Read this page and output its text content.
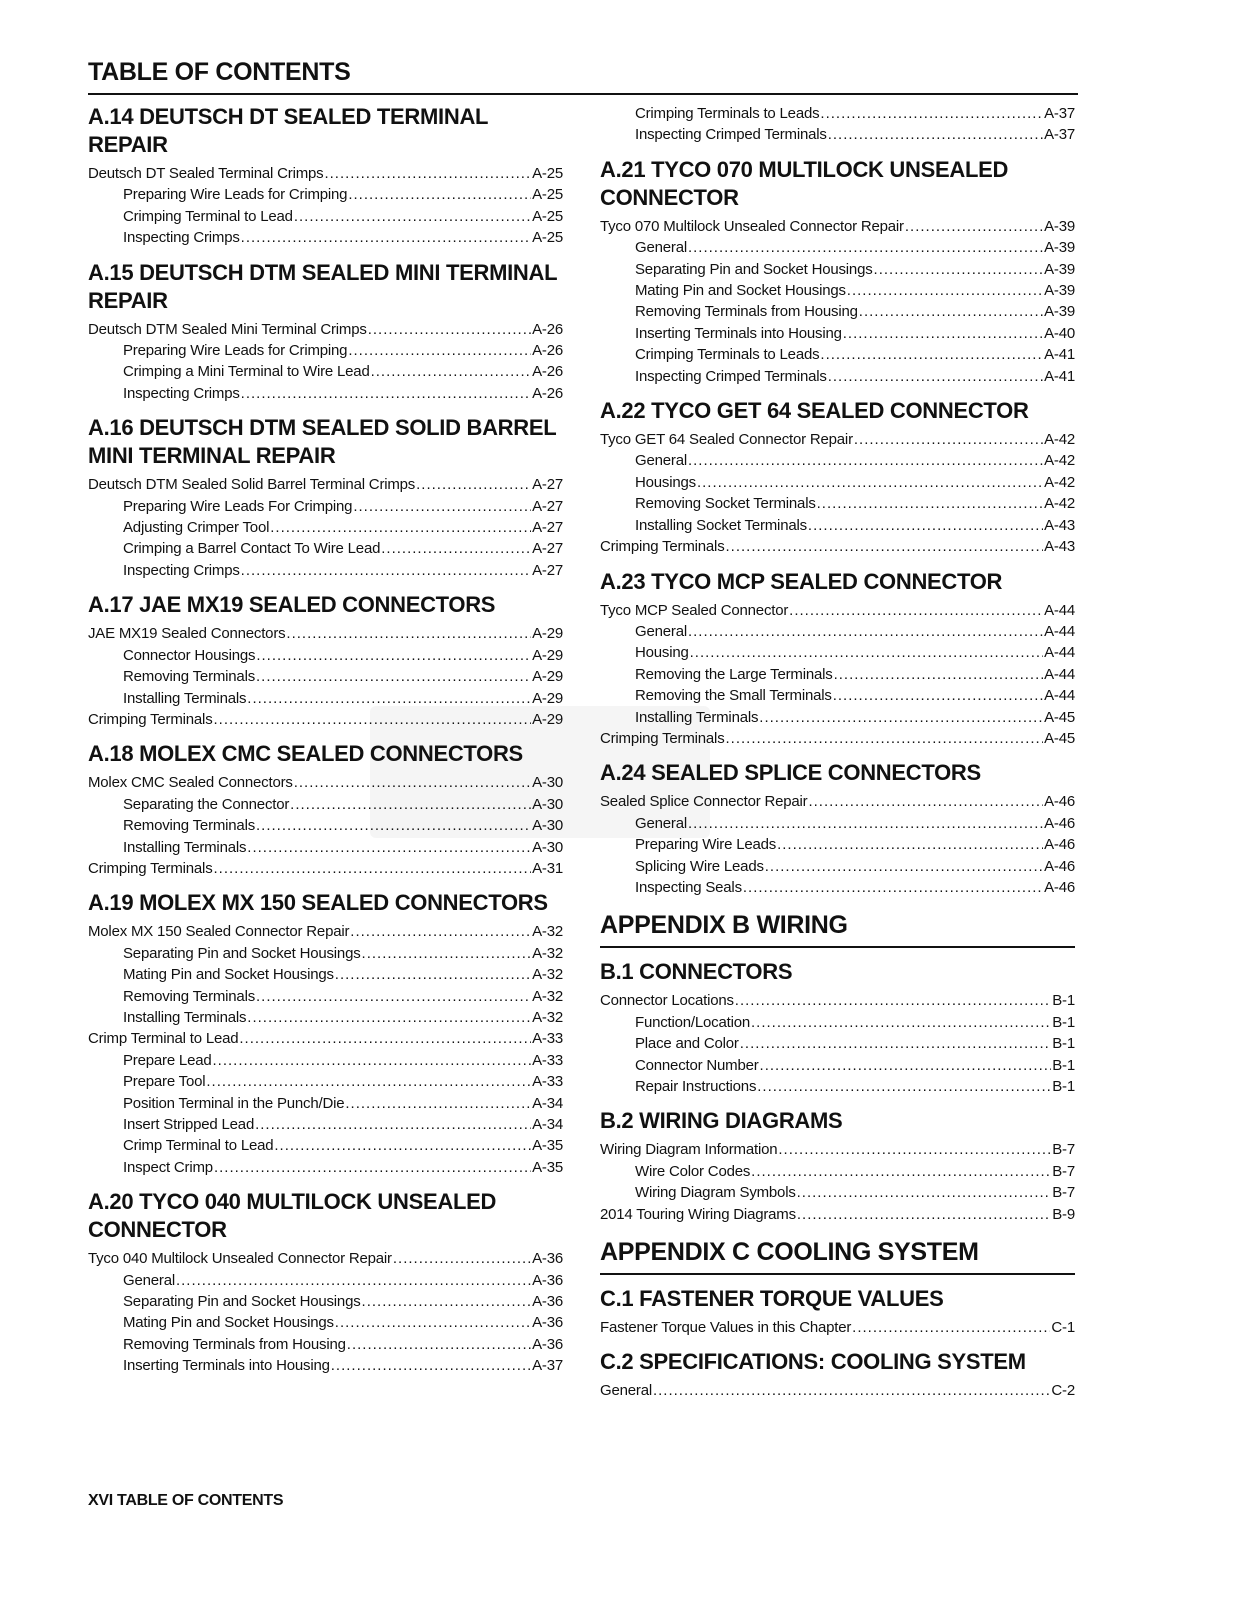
TABLE OF CONTENTS
A.14 DEUTSCH DT SEALED TERMINAL REPAIR
Deutsch DT Sealed Terminal Crimps .....	A-25
Preparing Wire Leads for Crimping .....	A-25
Crimping Terminal to Lead .....	A-25
Inspecting Crimps .....	A-25
A.15 DEUTSCH DTM SEALED MINI TERMINAL REPAIR
Deutsch DTM Sealed Mini Terminal Crimps .....	A-26
Preparing Wire Leads for Crimping .....	A-26
Crimping a Mini Terminal to Wire Lead .....	A-26
Inspecting Crimps .....	A-26
A.16 DEUTSCH DTM SEALED SOLID BARREL MINI TERMINAL REPAIR
Deutsch DTM Sealed Solid Barrel Terminal Crimps .....	A-27
Preparing Wire Leads For Crimping .....	A-27
Adjusting Crimper Tool .....	A-27
Crimping a Barrel Contact To Wire Lead .....	A-27
Inspecting Crimps .....	A-27
A.17 JAE MX19 SEALED CONNECTORS
JAE MX19 Sealed Connectors .....	A-29
Connector Housings .....	A-29
Removing Terminals .....	A-29
Installing Terminals .....	A-29
Crimping Terminals .....	A-29
A.18 MOLEX CMC SEALED CONNECTORS
Molex CMC Sealed Connectors .....	A-30
Separating the Connector .....	A-30
Removing Terminals .....	A-30
Installing Terminals .....	A-30
Crimping Terminals .....	A-31
A.19 MOLEX MX 150 SEALED CONNECTORS
Molex MX 150 Sealed Connector Repair .....	A-32
Separating Pin and Socket Housings .....	A-32
Mating Pin and Socket Housings .....	A-32
Removing Terminals .....	A-32
Installing Terminals .....	A-32
Crimp Terminal to Lead .....	A-33
Prepare Lead .....	A-33
Prepare Tool .....	A-33
Position Terminal in the Punch/Die .....	A-34
Insert Stripped Lead .....	A-34
Crimp Terminal to Lead .....	A-35
Inspect Crimp .....	A-35
A.20 TYCO 040 MULTILOCK UNSEALED CONNECTOR
Tyco 040 Multilock Unsealed Connector Repair .....	A-36
General .....	A-36
Separating Pin and Socket Housings .....	A-36
Mating Pin and Socket Housings .....	A-36
Removing Terminals from Housing .....	A-36
Inserting Terminals into Housing .....	A-37
Crimping Terminals to Leads .....	A-37
Inspecting Crimped Terminals .....	A-37
A.21 TYCO 070 MULTILOCK UNSEALED CONNECTOR
Tyco 070 Multilock Unsealed Connector Repair .....	A-39
General .....	A-39
Separating Pin and Socket Housings .....	A-39
Mating Pin and Socket Housings .....	A-39
Removing Terminals from Housing .....	A-39
Inserting Terminals into Housing .....	A-40
Crimping Terminals to Leads .....	A-41
Inspecting Crimped Terminals .....	A-41
A.22 TYCO GET 64 SEALED CONNECTOR
Tyco GET 64 Sealed Connector Repair .....	A-42
General .....	A-42
Housings .....	A-42
Removing Socket Terminals .....	A-42
Installing Socket Terminals .....	A-43
Crimping Terminals .....	A-43
A.23 TYCO MCP SEALED CONNECTOR
Tyco MCP Sealed Connector .....	A-44
General .....	A-44
Housing .....	A-44
Removing the Large Terminals .....	A-44
Removing the Small Terminals .....	A-44
Installing Terminals .....	A-45
Crimping Terminals .....	A-45
A.24 SEALED SPLICE CONNECTORS
Sealed Splice Connector Repair .....	A-46
General .....	A-46
Preparing Wire Leads .....	A-46
Splicing Wire Leads .....	A-46
Inspecting Seals .....	A-46
APPENDIX B WIRING
B.1 CONNECTORS
Connector Locations .....	B-1
Function/Location .....	B-1
Place and Color .....	B-1
Connector Number .....	B-1
Repair Instructions .....	B-1
B.2 WIRING DIAGRAMS
Wiring Diagram Information .....	B-7
Wire Color Codes .....	B-7
Wiring Diagram Symbols .....	B-7
2014 Touring Wiring Diagrams .....	B-9
APPENDIX C COOLING SYSTEM
C.1 FASTENER TORQUE VALUES
Fastener Torque Values in this Chapter .....	C-1
C.2 SPECIFICATIONS: COOLING SYSTEM
General .....	C-2
XVI TABLE OF CONTENTS
